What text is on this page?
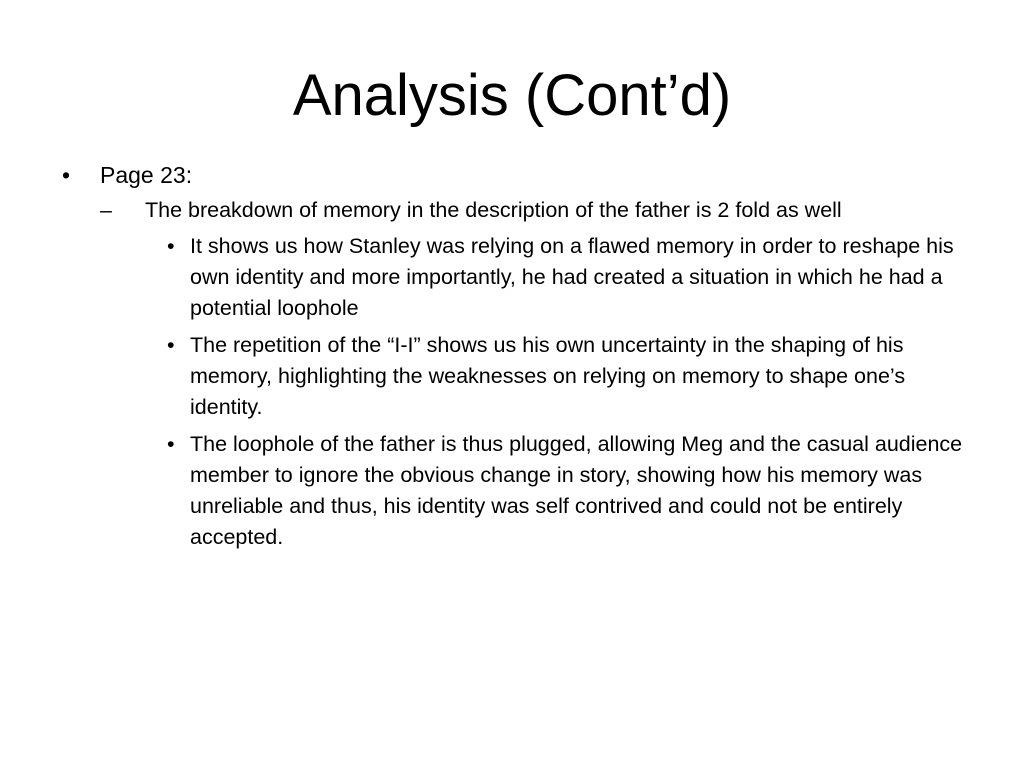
Analysis (Cont’d)
• Page 23:
– The breakdown of memory in the description of the father is 2 fold as well
• It shows us how Stanley was relying on a flawed memory in order to reshape his own identity and more importantly, he had created a situation in which he had a potential loophole
• The repetition of the “I-I” shows us his own uncertainty in the shaping of his memory, highlighting the weaknesses on relying on memory to shape one’s identity.
• The loophole of the father is thus plugged, allowing Meg and the casual audience member to ignore the obvious change in story, showing how his memory was unreliable and thus, his identity was self contrived and could not be entirely accepted.
